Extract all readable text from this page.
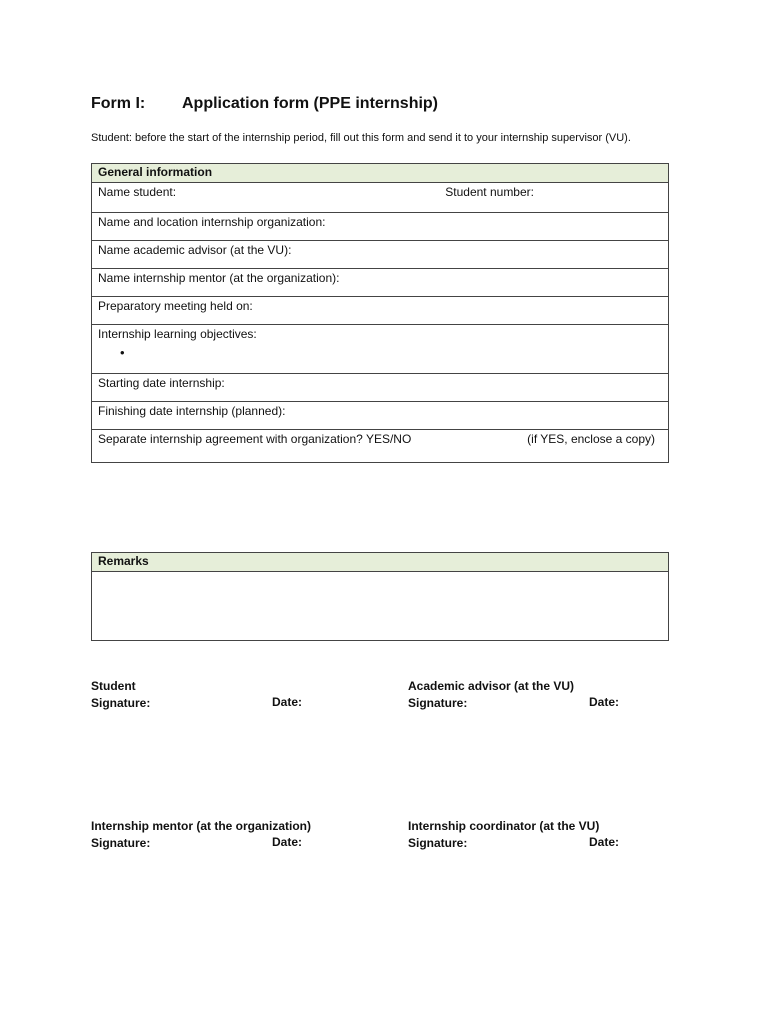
Form I: Application form (PPE internship)
Student: before the start of the internship period, fill out this form and send it to your internship supervisor (VU).
General information

Name student:	Student number:

Name and location internship organization:
Name academic advisor (at the VU):
Name internship mentor (at the organization):
Preparatory meeting held on:
Internship learning objectives:
•

Starting date internship:
Finishing date internship (planned):

Separate internship agreement with organization? YES/NO	(if YES, enclose a copy)
Remarks

Student
Signature:	Date:
Academic advisor (at the VU)
Signature:	Date:
Internship mentor (at the organization)
Signature:	Date:
Internship coordinator (at the VU)
Signature:	Date:
